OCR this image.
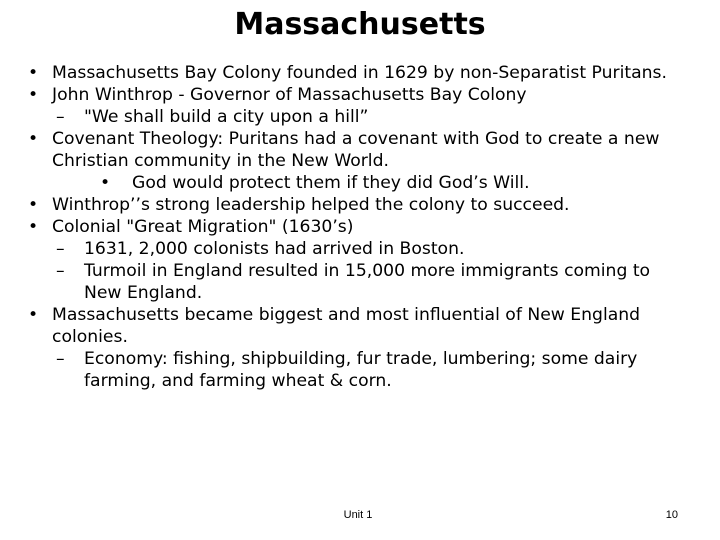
Massachusetts
• Massachusetts Bay Colony founded in 1629 by non-Separatist Puritans.
• John Winthrop - Governor of Massachusetts Bay Colony
– "We shall build a city upon a hill”
• Covenant Theology: Puritans had a covenant with God to create a new Christian community in the New World.
• God would protect them if they did God’s Will.
• Winthrop’’s strong leadership helped the colony to succeed.
• Colonial "Great Migration" (1630’s)
– 1631, 2,000 colonists had arrived in Boston.
– Turmoil in England resulted in 15,000 more immigrants coming to New England.
• Massachusetts became biggest and most influential of New England colonies.
– Economy: fishing, shipbuilding, fur trade, lumbering; some dairy farming, and farming wheat & corn.
Unit 1	10
